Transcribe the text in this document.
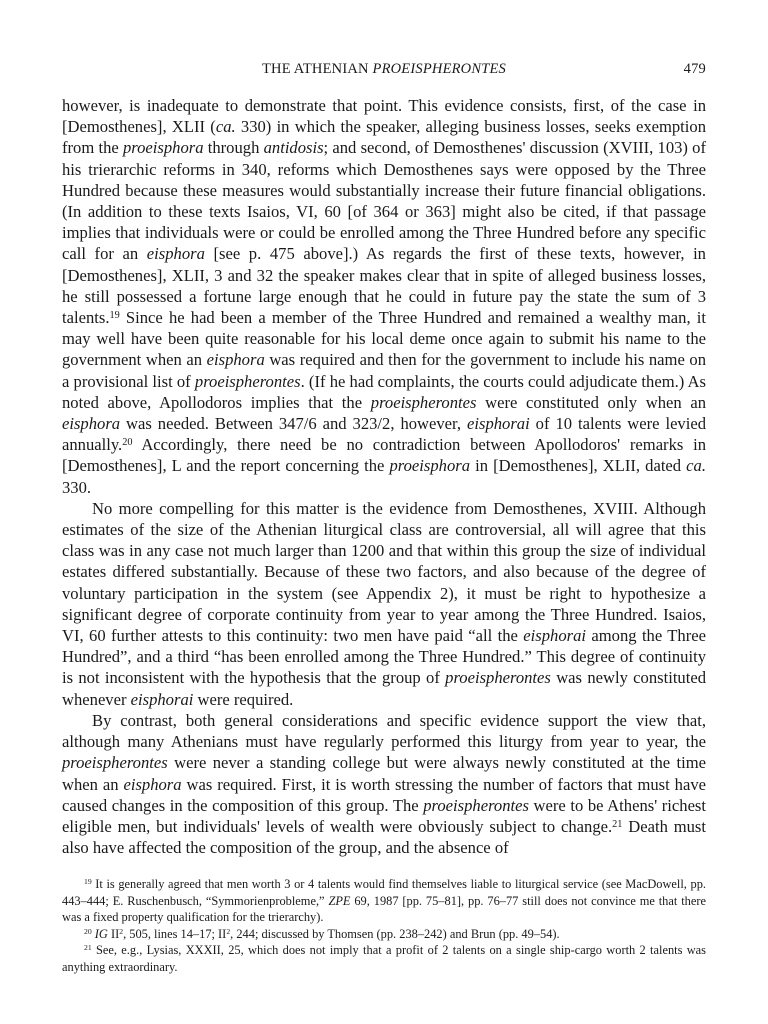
THE ATHENIAN PROEISPHERONTES	479

however, is inadequate to demonstrate that point. This evidence consists, first, of the case in [Demosthenes], XLII (ca. 330) in which the speaker, alleging business losses, seeks exemption from the proeisphora through antidosis; and second, of Demosthenes' discussion (XVIII, 103) of his trierarchic reforms in 340, reforms which Demosthenes says were opposed by the Three Hundred because these measures would substantially increase their future financial obligations. (In addition to these texts Isaios, VI, 60 [of 364 or 363] might also be cited, if that passage implies that individuals were or could be enrolled among the Three Hundred before any specific call for an eisphora [see p. 475 above].) As regards the first of these texts, however, in [Demosthenes], XLII, 3 and 32 the speaker makes clear that in spite of alleged business losses, he still possessed a fortune large enough that he could in future pay the state the sum of 3 talents.$^{19}$ Since he had been a member of the Three Hundred and remained a wealthy man, it may well have been quite reasonable for his local deme once again to submit his name to the government when an eisphora was required and then for the government to include his name on a provisional list of proeispherontes. (If he had complaints, the courts could adjudicate them.) As noted above, Apollodoros implies that the proeispherontes were constituted only when an eisphora was needed. Between 347/6 and 323/2, however, eisphorai of 10 talents were levied annually.$^{20}$ Accordingly, there need be no contradiction between Apollodoros' remarks in [Demosthenes], L and the report concerning the proeisphora in [Demosthenes], XLII, dated ca. 330.

No more compelling for this matter is the evidence from Demosthenes, XVIII. Although estimates of the size of the Athenian liturgical class are controversial, all will agree that this class was in any case not much larger than 1200 and that within this group the size of individual estates differed substantially. Because of these two factors, and also because of the degree of voluntary participation in the system (see Appendix 2), it must be right to hypothesize a significant degree of corporate continuity from year to year among the Three Hundred. Isaios, VI, 60 further attests to this continuity: two men have paid “all the eisphorai among the Three Hundred”, and a third “has been enrolled among the Three Hundred.” This degree of continuity is not inconsistent with the hypothesis that the group of proeispherontes was newly constituted whenever eisphorai were required.

By contrast, both general considerations and specific evidence support the view that, although many Athenians must have regularly performed this liturgy from year to year, the proeispherontes were never a standing college but were always newly constituted at the time when an eisphora was required. First, it is worth stressing the number of factors that must have caused changes in the composition of this group. The proeispherontes were to be Athens' richest eligible men, but individuals' levels of wealth were obviously subject to change.$^{21}$ Death must also have affected the composition of the group, and the absence of

$^{19}$ It is generally agreed that men worth 3 or 4 talents would find themselves liable to liturgical service (see MacDowell, pp. 443–444; E. Ruschenbusch, “Symmorienprobleme,” ZPE 69, 1987 [pp. 75–81], pp. 76–77 still does not convince me that there was a fixed property qualification for the trierarchy).

$^{20}$ IG $II^2$, 505, lines 14–17; $II^2$, 244; discussed by Thomsen (pp. 238–242) and Brun (pp. 49–54).

$^{21}$ See, e.g., Lysias, XXXII, 25, which does not imply that a profit of 2 talents on a single ship-cargo worth 2 talents was anything extraordinary.
